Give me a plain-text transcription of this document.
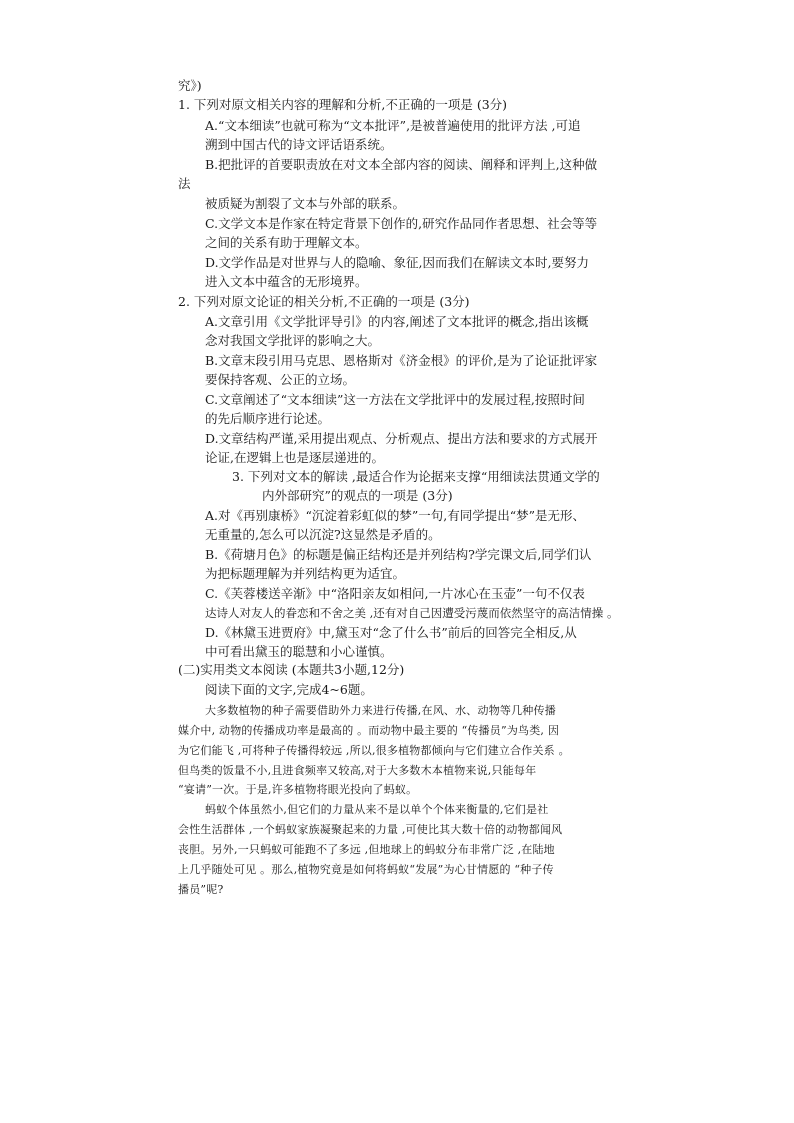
究》)
1. 下列对原文相关内容的理解和分析,不正确的一项是 (3分)
A.“文本细读”也就可称为“文本批评”,是被普遍使用的批评方法 ,可追
溯到中国古代的诗文评话语系统。
B.把批评的首要职责放在对文本全部内容的阅读、阐释和评判上,这种做
法
被质疑为割裂了文本与外部的联系。
C.文学文本是作家在特定背景下创作的,研究作品同作者思想、社会等等
之间的关系有助于理解文本。
D.文学作品是对世界与人的隐喻、象征,因而我们在解读文本时,要努力
进入文本中蕴含的无形境界。
2. 下列对原文论证的相关分析,不正确的一项是 (3分)
A.文章引用《文学批评导引》的内容,阐述了文本批评的概念,指出该概
念对我国文学批评的影响之大。
B.文章末段引用马克思、恩格斯对《济金根》的评价,是为了论证批评家
要保持客观、公正的立场。
C.文章阐述了“文本细读”这一方法在文学批评中的发展过程,按照时间
的先后顺序进行论述。
D.文章结构严谨,采用提出观点、分析观点、提出方法和要求的方式展开
论证,在逻辑上也是逐层递进的。
3. 下列对文本的解读 ,最适合作为论据来支撑“用细读法贯通文学的
内外部研究”的观点的一项是 (3分)
A.对《再别康桥》“沉淀着彩虹似的梦”一句,有同学提出“梦”是无形、
无重量的,怎么可以沉淀?这显然是矛盾的。
B.《荷塘月色》的标题是偏正结构还是并列结构?学完课文后,同学们认
为把标题理解为并列结构更为适宜。
C.《芙蓉楼送辛渐》中“洛阳亲友如相问,一片冰心在玉壶”一句不仅表
达诗人对友人的眷恋和不舍之美 ,还有对自己因遭受污蔑而依然坚守的高洁情操 。
D.《林黛玉进贾府》中,黛玉对“念了什么书”前后的回答完全相反,从
中可看出黛玉的聪慧和小心谨慎。
(二)实用类文本阅读 (本题共3小题,12分)
阅读下面的文字,完成4~6题。
大多数植物的种子需要借助外力来进行传播,在风、水、动物等几种传播
媒介中, 动物的传播成功率是最高的 。而动物中最主要的 “传播员”为鸟类, 因
为它们能飞 ,可将种子传播得较远 ,所以,很多植物都倾向与它们建立合作关系 。
但鸟类的饭量不小,且进食频率又较高,对于大多数木本植物来说,只能每年
“宴请”一次。于是,许多植物将眼光投向了蚂蚁。
蚂蚁个体虽然小,但它们的力量从来不是以单个个体来衡量的,它们是社
会性生活群体 ,一个蚂蚁家族凝聚起来的力量 ,可使比其大数十倍的动物都闻风
丧胆。另外,一只蚂蚁可能跑不了多远 ,但地球上的蚂蚁分布非常广泛 ,在陆地
上几乎随处可见 。那么,植物究竟是如何将蚂蚁“发展”为心甘情愿的 “种子传
播员”呢?
